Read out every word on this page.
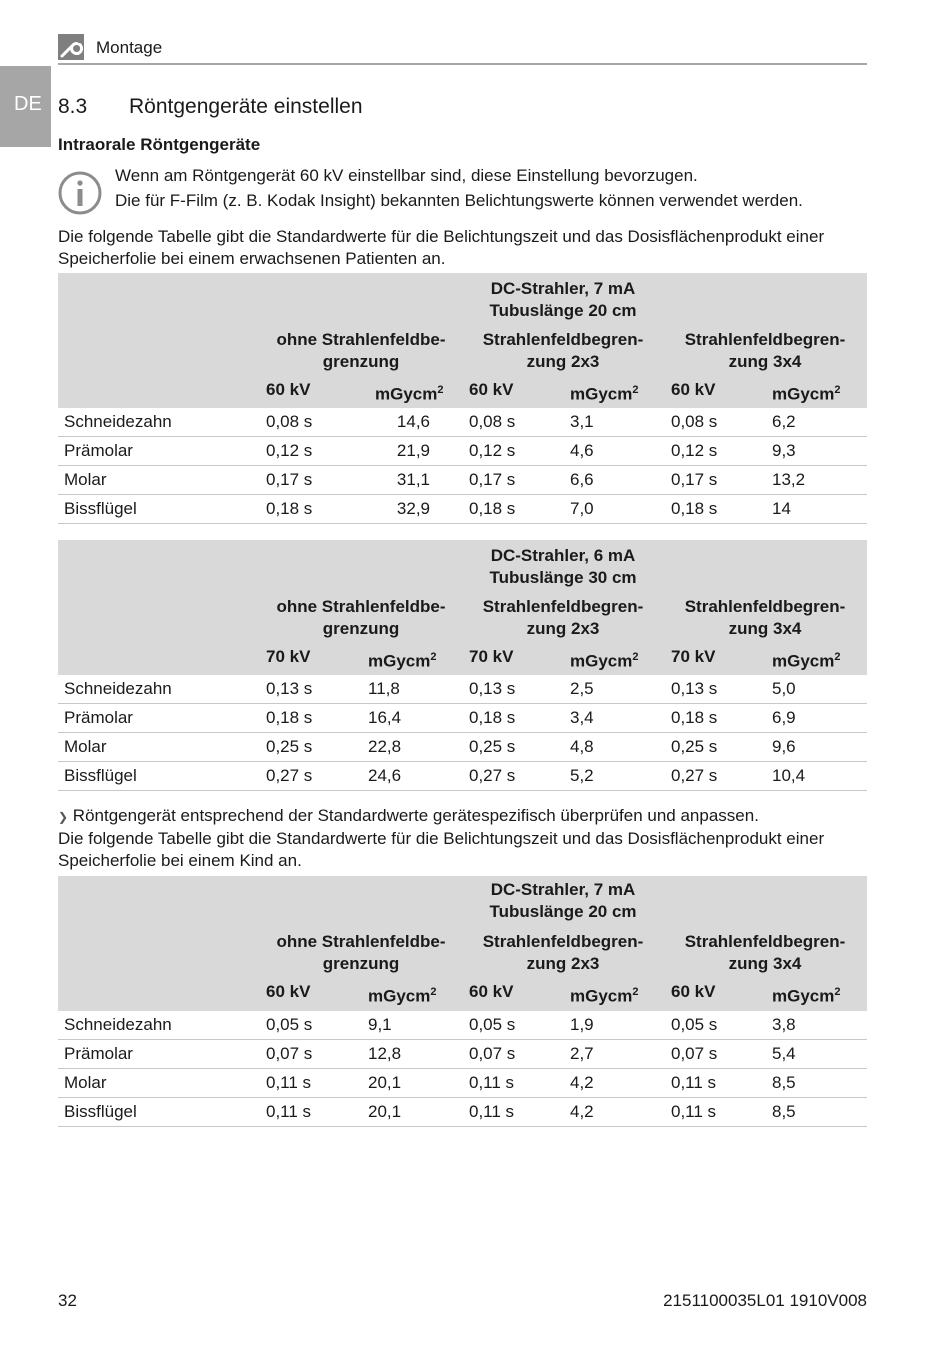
Montage
DE 8.3 Röntgengeräte einstellen
Intraorale Röntgengeräte
Wenn am Röntgengerät 60 kV einstellbar sind, diese Einstellung bevorzugen.
Die für F-Film (z. B. Kodak Insight) bekannten Belichtungswerte können verwendet werden.
Die folgende Tabelle gibt die Standardwerte für die Belichtungszeit und das Dosisflächenprodukt einer
Speicherfolie bei einem erwachsenen Patienten an.
DC-Strahler, 7 mA
Tubuslänge 20 cm
ohne Strahlenfeldbe-
grenzung
Strahlenfeldbegren-
zung 2x3
Strahlenfeldbegren-
zung 3x4
60 kV	mGycm$^2$ 60 kV	mGycm$^2$ 60 kV	mGycm$^2$
Schneidezahn	0,08 s	14,6 0,08 s	3,1	0,08 s	6,2
Prämolar	0,12 s	21,9 0,12 s	4,6	0,12 s	9,3
Molar	0,17 s	31,1 0,17 s	6,6	0,17 s	13,2
Bissflügel	0,18 s	32,9 0,18 s	7,0	0,18 s	14
DC-Strahler, 6 mA
Tubuslänge 30 cm
ohne Strahlenfeldbe-
grenzung
Strahlenfeldbegren-
zung 2x3
Strahlenfeldbegren-
zung 3x4
70 kV	mGycm$^2$ 70 kV	mGycm$^2$ 70 kV	mGycm$^2$
Schneidezahn	0,13 s	11,8	0,13 s	2,5	0,13 s	5,0
Prämolar	0,18 s	16,4	0,18 s	3,4	0,18 s	6,9
Molar	0,25 s	22,8	0,25 s	4,8	0,25 s	9,6
Bissflügel	0,27 s	24,6	0,27 s	5,2	0,27 s	10,4
❯ Röntgengerät entsprechend der Standardwerte gerätespezifisch überprüfen und anpassen.
Die folgende Tabelle gibt die Standardwerte für die Belichtungszeit und das Dosisflächenprodukt einer
Speicherfolie bei einem Kind an.
DC-Strahler, 7 mA
Tubuslänge 20 cm
ohne Strahlenfeldbe-
grenzung
Strahlenfeldbegren-
zung 2x3
Strahlenfeldbegren-
zung 3x4
60 kV	mGycm$^2$ 60 kV	mGycm$^2$ 60 kV	mGycm$^2$
Schneidezahn	0,05 s	9,1	0,05 s	1,9	0,05 s	3,8
Prämolar	0,07 s	12,8	0,07 s	2,7	0,07 s	5,4
Molar	0,11 s	20,1	0,11 s	4,2	0,11 s	8,5
Bissflügel	0,11 s	20,1	0,11 s	4,2	0,11 s	8,5
32	2151100035L01 1910V008
